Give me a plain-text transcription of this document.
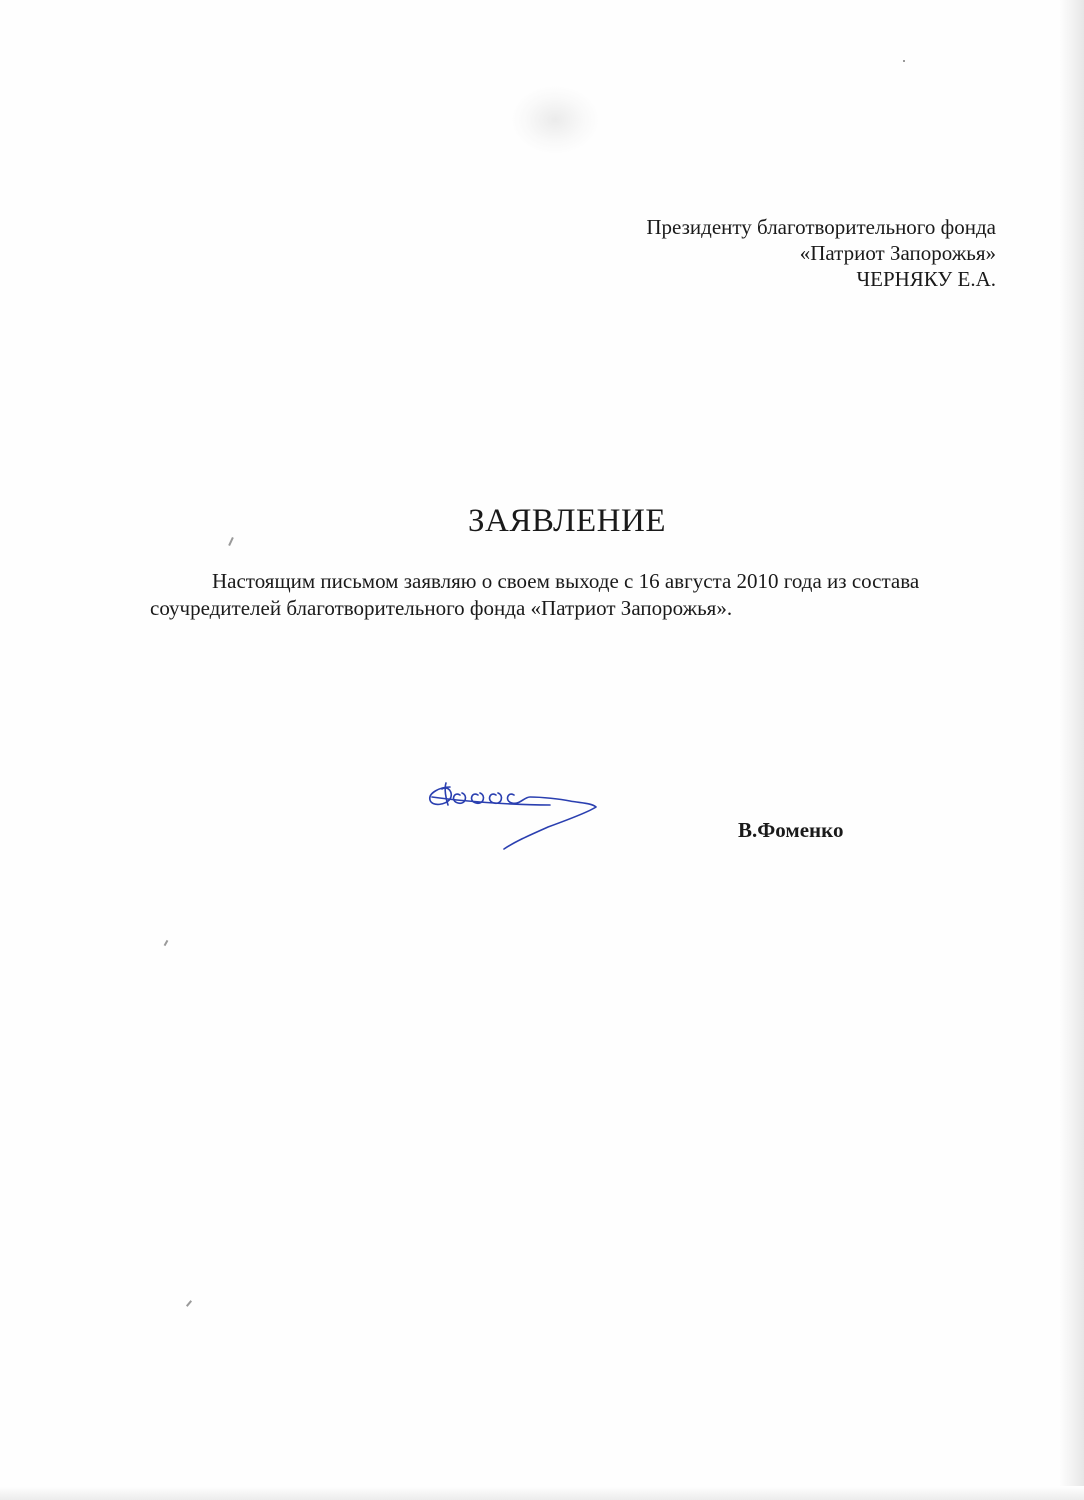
Президенту благотворительного фонда
«Патриот Запорожья»
ЧЕРНЯКУ Е.А.
ЗАЯВЛЕНИЕ
Настоящим письмом заявляю о своем выходе с 16 августа 2010 года из состава
соучредителей благотворительного фонда «Патриот Запорожья».
В.Фоменко
